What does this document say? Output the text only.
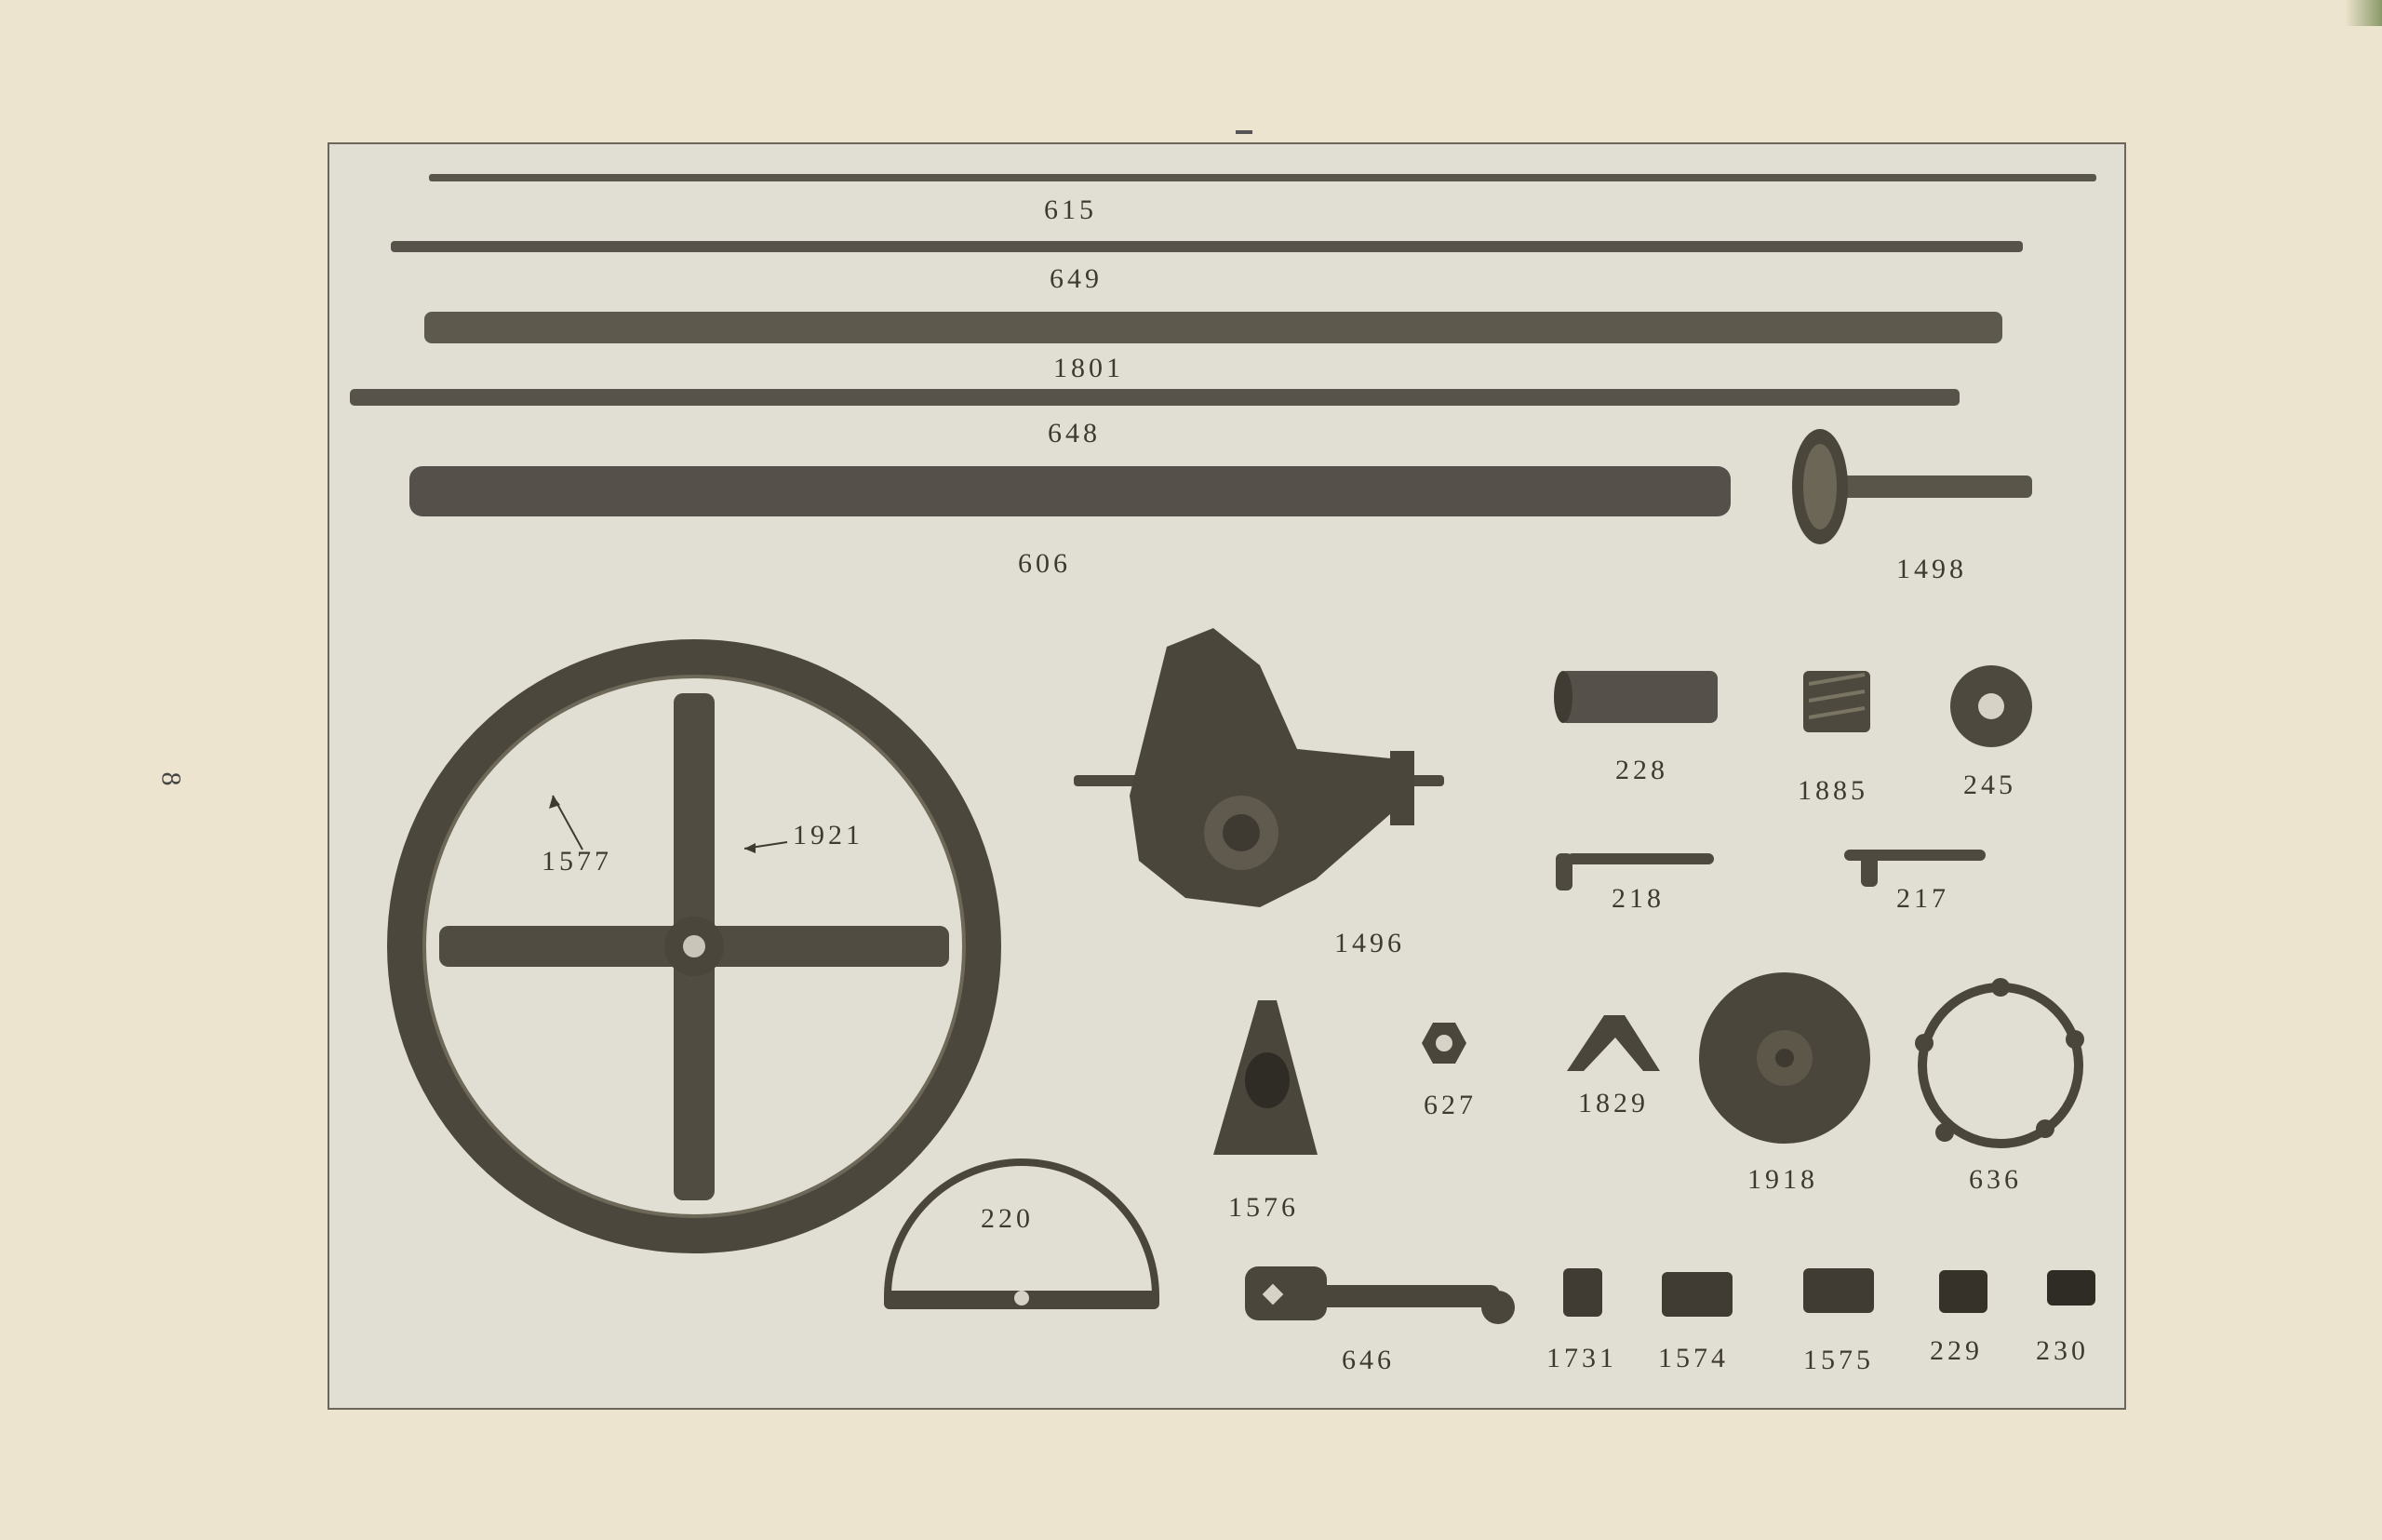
8
615
649
1801
648
606	1498
1577
1921
1496
228
1885	245
218	217
627	1829
1918	636
1576
220
646	1731 1574	1575 229 230
